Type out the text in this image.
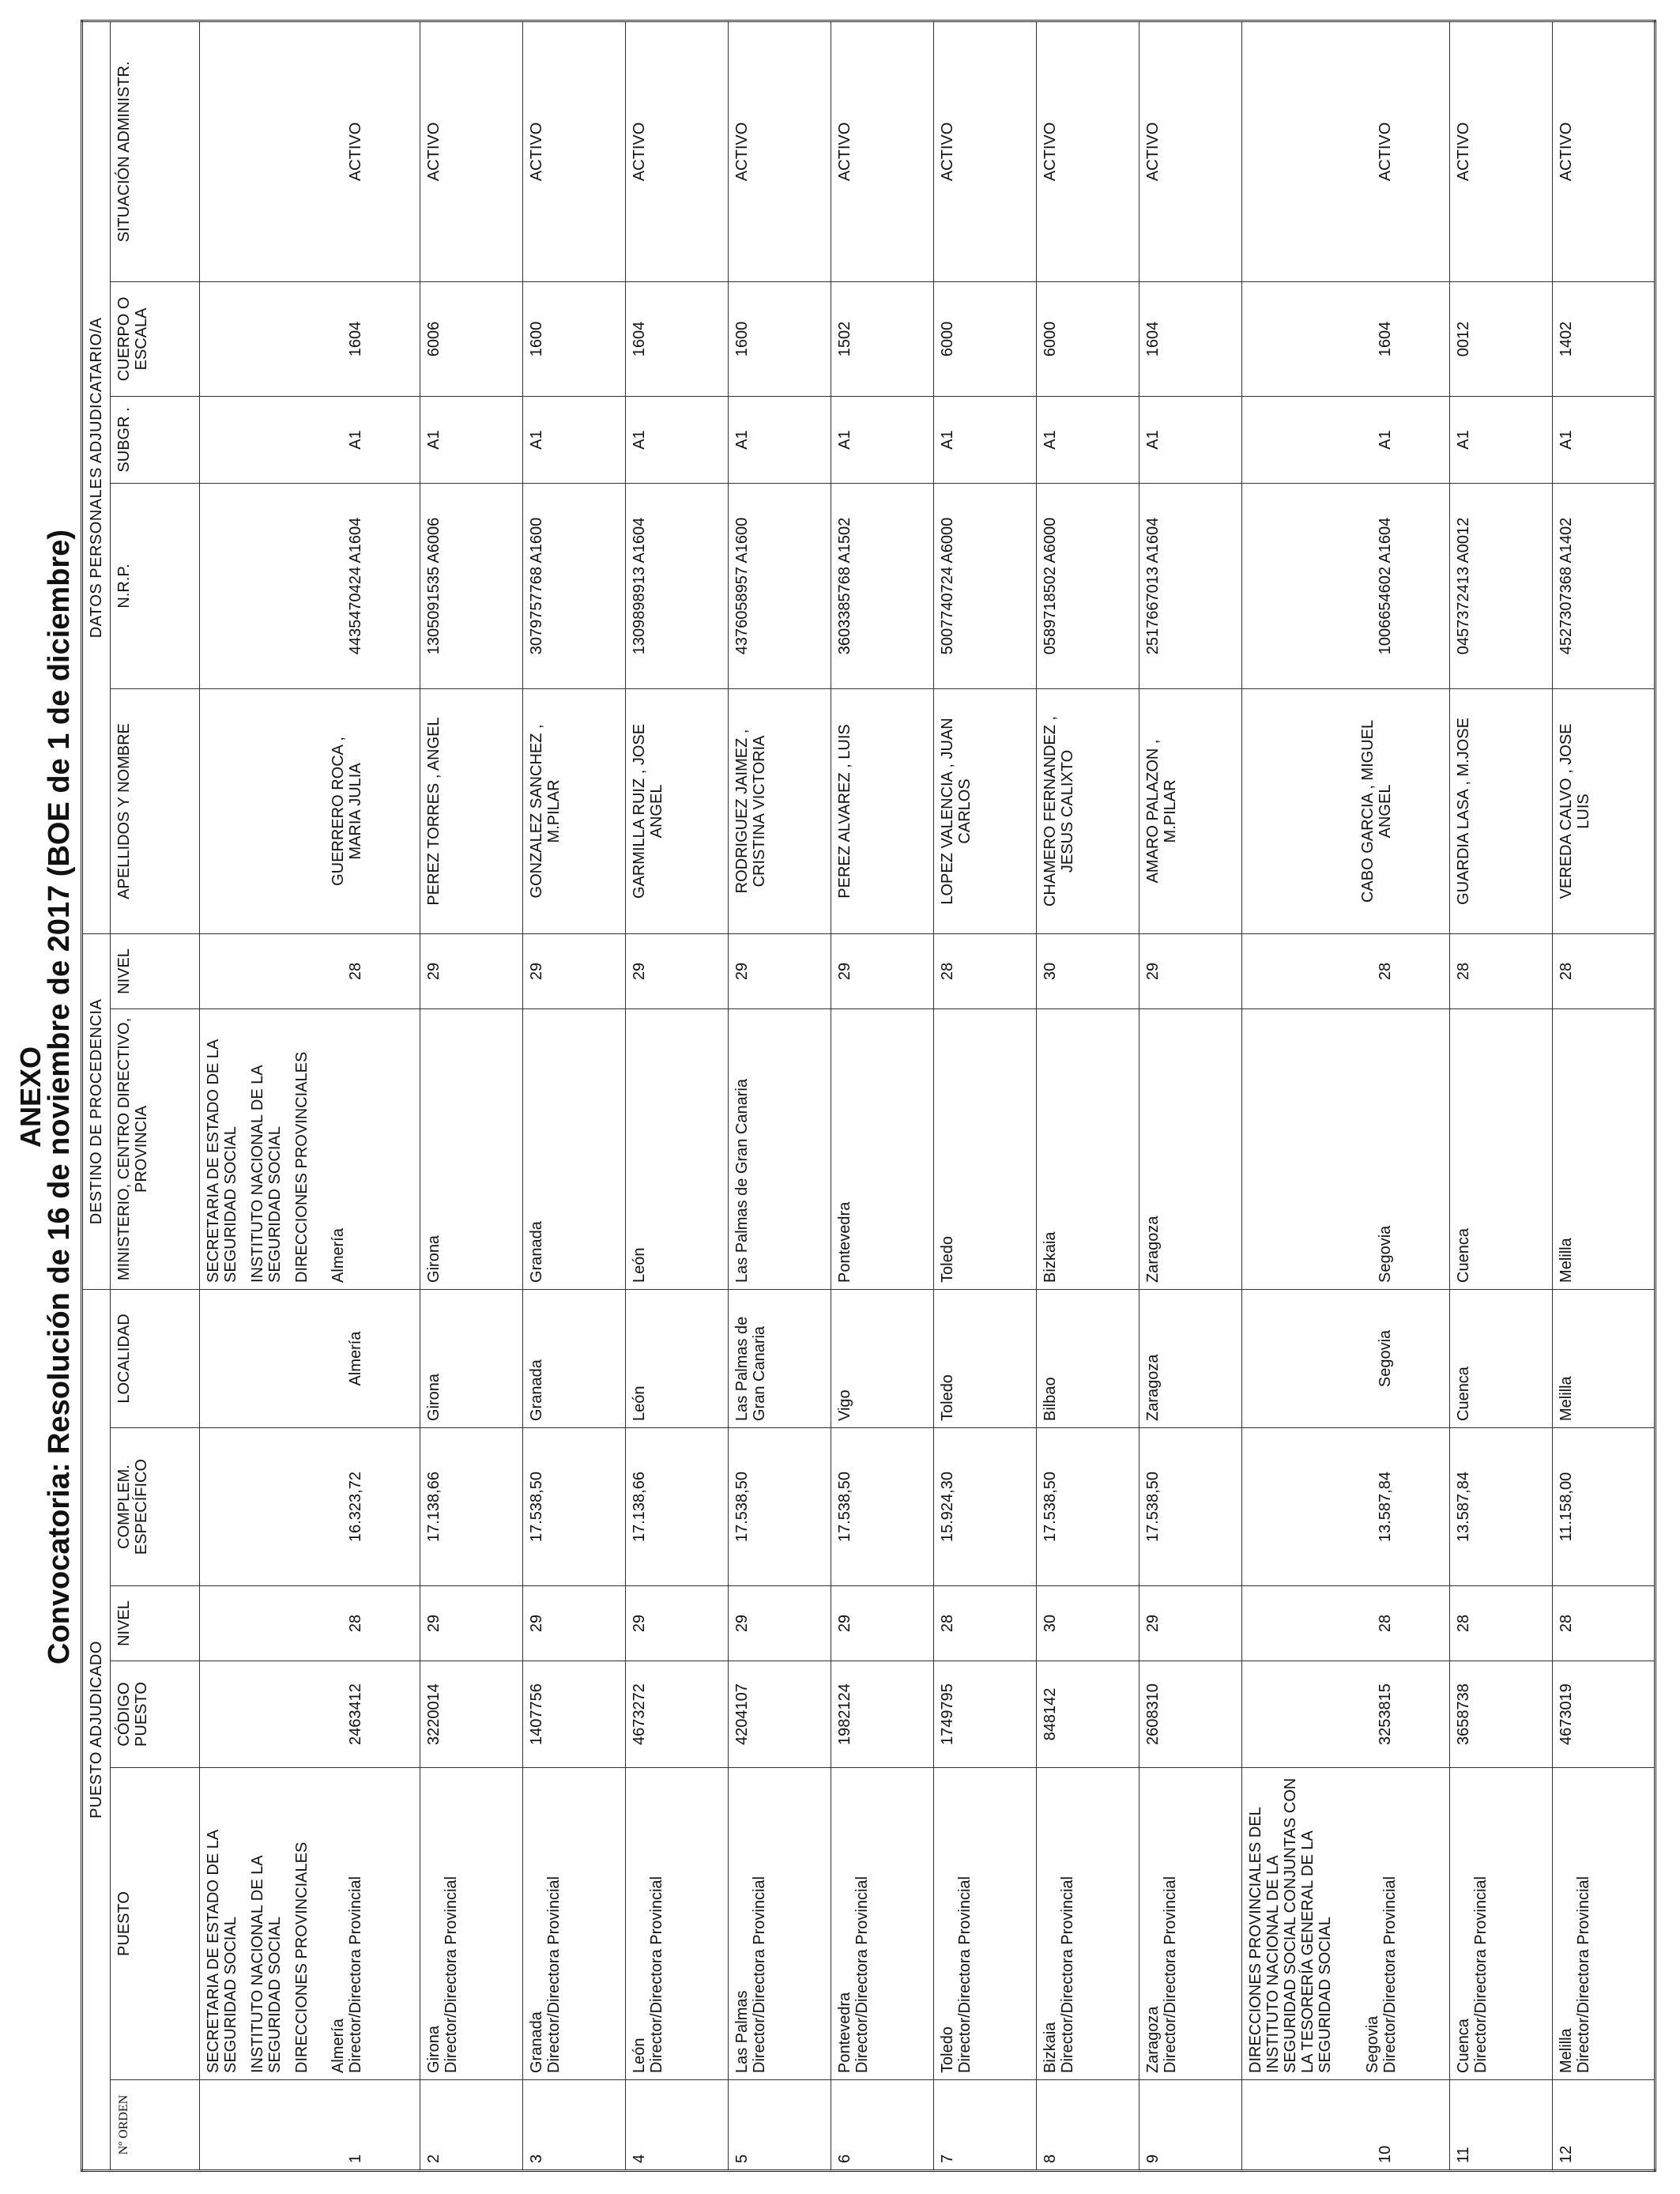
ANEXO
Convocatoria: Resolución de 16 de noviembre de 2017 (BOE de 1 de diciembre)
PUESTO ADJUDICADO						DESTINO DE PROCEDENCIA		DATOS PERSONALES ADJUDICATARIO/A				
Nº ORDEN	PUESTO	CÓDIGO PUESTO	NIVEL	COMPLEM. ESPECÍFICO	LOCALIDAD	MINISTERIO, CENTRO DIRECTIVO, PROVINCIA	NIVEL	APELLIDOS Y NOMBRE	N.R.P.	SUBGR .	CUERPO O ESCALA	SITUACIÓN ADMINISTR.
1	SECRETARIA DE ESTADO DE LA SEGURIDAD SOCIAL INSTITUTO NACIONAL DE LA SEGURIDAD SOCIAL DIRECCIONES PROVINCIALES Almería Director/Directora Provincial	2463412	28	16.323,72	Almería	SECRETARIA DE ESTADO DE LA SEGURIDAD SOCIAL INSTITUTO NACIONAL DE LA SEGURIDAD SOCIAL DIRECCIONES PROVINCIALES Almería	28	GUERRERO ROCA ,
MARIA JULIA	4435470424 A1604	A1	1604	ACTIVO
2	Girona Director/Directora Provincial	3220014	29	17.138,66	Girona	Girona	29	PEREZ TORRES , ANGEL	1305091535 A6006	A1	6006	ACTIVO
3	Granada Director/Directora Provincial	1407756	29	17.538,50	Granada	Granada	29	GONZALEZ SANCHEZ ,
M.PILAR	3079757768 A1600	A1	1600	ACTIVO
4	León Director/Directora Provincial	4673272	29	17.138,66	León	León	29	GARMILLA RUIZ , JOSE
ANGEL	1309898913 A1604	A1	1604	ACTIVO
5	Las Palmas Director/Directora Provincial	4204107	29	17.538,50	Las Palmas de
Gran Canaria	Las Palmas de Gran Canaria	29	RODRIGUEZ JAIMEZ ,
CRISTINA VICTORIA	4376058957 A1600	A1	1600	ACTIVO
6	Pontevedra Director/Directora Provincial	1982124	29	17.538,50	Vigo	Pontevedra	29	PEREZ ALVAREZ , LUIS	3603385768 A1502	A1	1502	ACTIVO
7	Toledo Director/Directora Provincial	1749795	28	15.924,30	Toledo	Toledo	28	LOPEZ VALENCIA , JUAN
CARLOS	5007740724 A6000	A1	6000	ACTIVO
8	Bizkaia Director/Directora Provincial	848142	30	17.538,50	Bilbao	Bizkaia	30	CHAMERO FERNANDEZ ,
JESUS CALIXTO	0589718502 A6000	A1	6000	ACTIVO
9	Zaragoza Director/Directora Provincial	2608310	29	17.538,50	Zaragoza	Zaragoza	29	AMARO PALAZON ,
M.PILAR	2517667013 A1604	A1	1604	ACTIVO
10	DIRECCIONES PROVINCIALES DEL INSTITUTO NACIONAL DE LA SEGURIDAD SOCIAL CONJUNTAS CON LA TESORERÍA GENERAL DE LA SEGURIDAD SOCIAL Segovia Director/Directora Provincial	3253815	28	13.587,84	Segovia	Segovia	28	CABO GARCIA , MIGUEL
ANGEL	1006654602 A1604	A1	1604	ACTIVO
11	Cuenca Director/Directora Provincial	3658738	28	13.587,84	Cuenca	Cuenca	28	GUARDIA LASA , M.JOSE	0457372413 A0012	A1	0012	ACTIVO
12	Melilla Director/Directora Provincial	4673019	28	11.158,00	Melilla	Melilla	28	VEREDA CALVO , JOSE
LUIS	4527307368 A1402	A1	1402	ACTIVO
